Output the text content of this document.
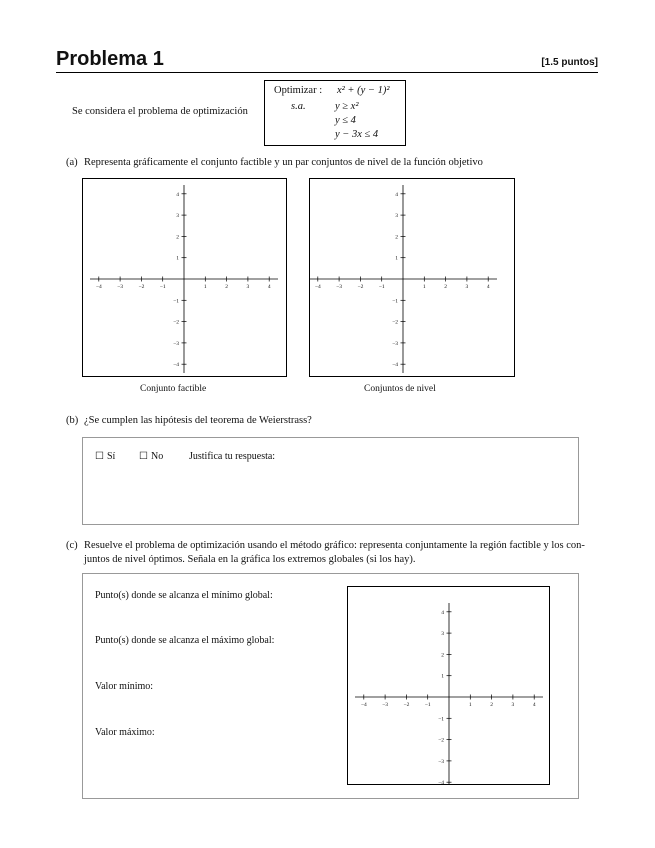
Problema 1	[1.5 puntos]
Se considera el problema de optimización
Optimizar : x² + (y − 1)²
s.a.	y ≥ x²
y ≤ 4
y − 3x ≤ 4
(a) Representa gráficamente el conjunto factible y un par conjuntos de nivel de la función objetivo
−4	−3	−2	−1	1	2	3	4
4
3
2
1
−1
−2
−3
−4
Conjunto factible
−4	−3	−2	−1	1	2	3	4
4
3
2
1
−1
−2
−3
−4
Conjuntos de nivel
(b) ¿Se cumplen las hipótesis del teorema de Weierstrass?
☐ Sí ☐ No	Justifica tu respuesta:
(c) Resuelve el problema de optimización usando el método gráfico: representa conjuntamente la región factible y los con-
juntos de nivel óptimos. Señala en la gráfica los extremos globales (si los hay).
Punto(s) donde se alcanza el mínimo global:
Punto(s) donde se alcanza el máximo global:
Valor mínimo:
Valor máximo:
−4	−3	−2	−1	1	2	3	4
4
3
2
1
−1
−2
−3
−4
